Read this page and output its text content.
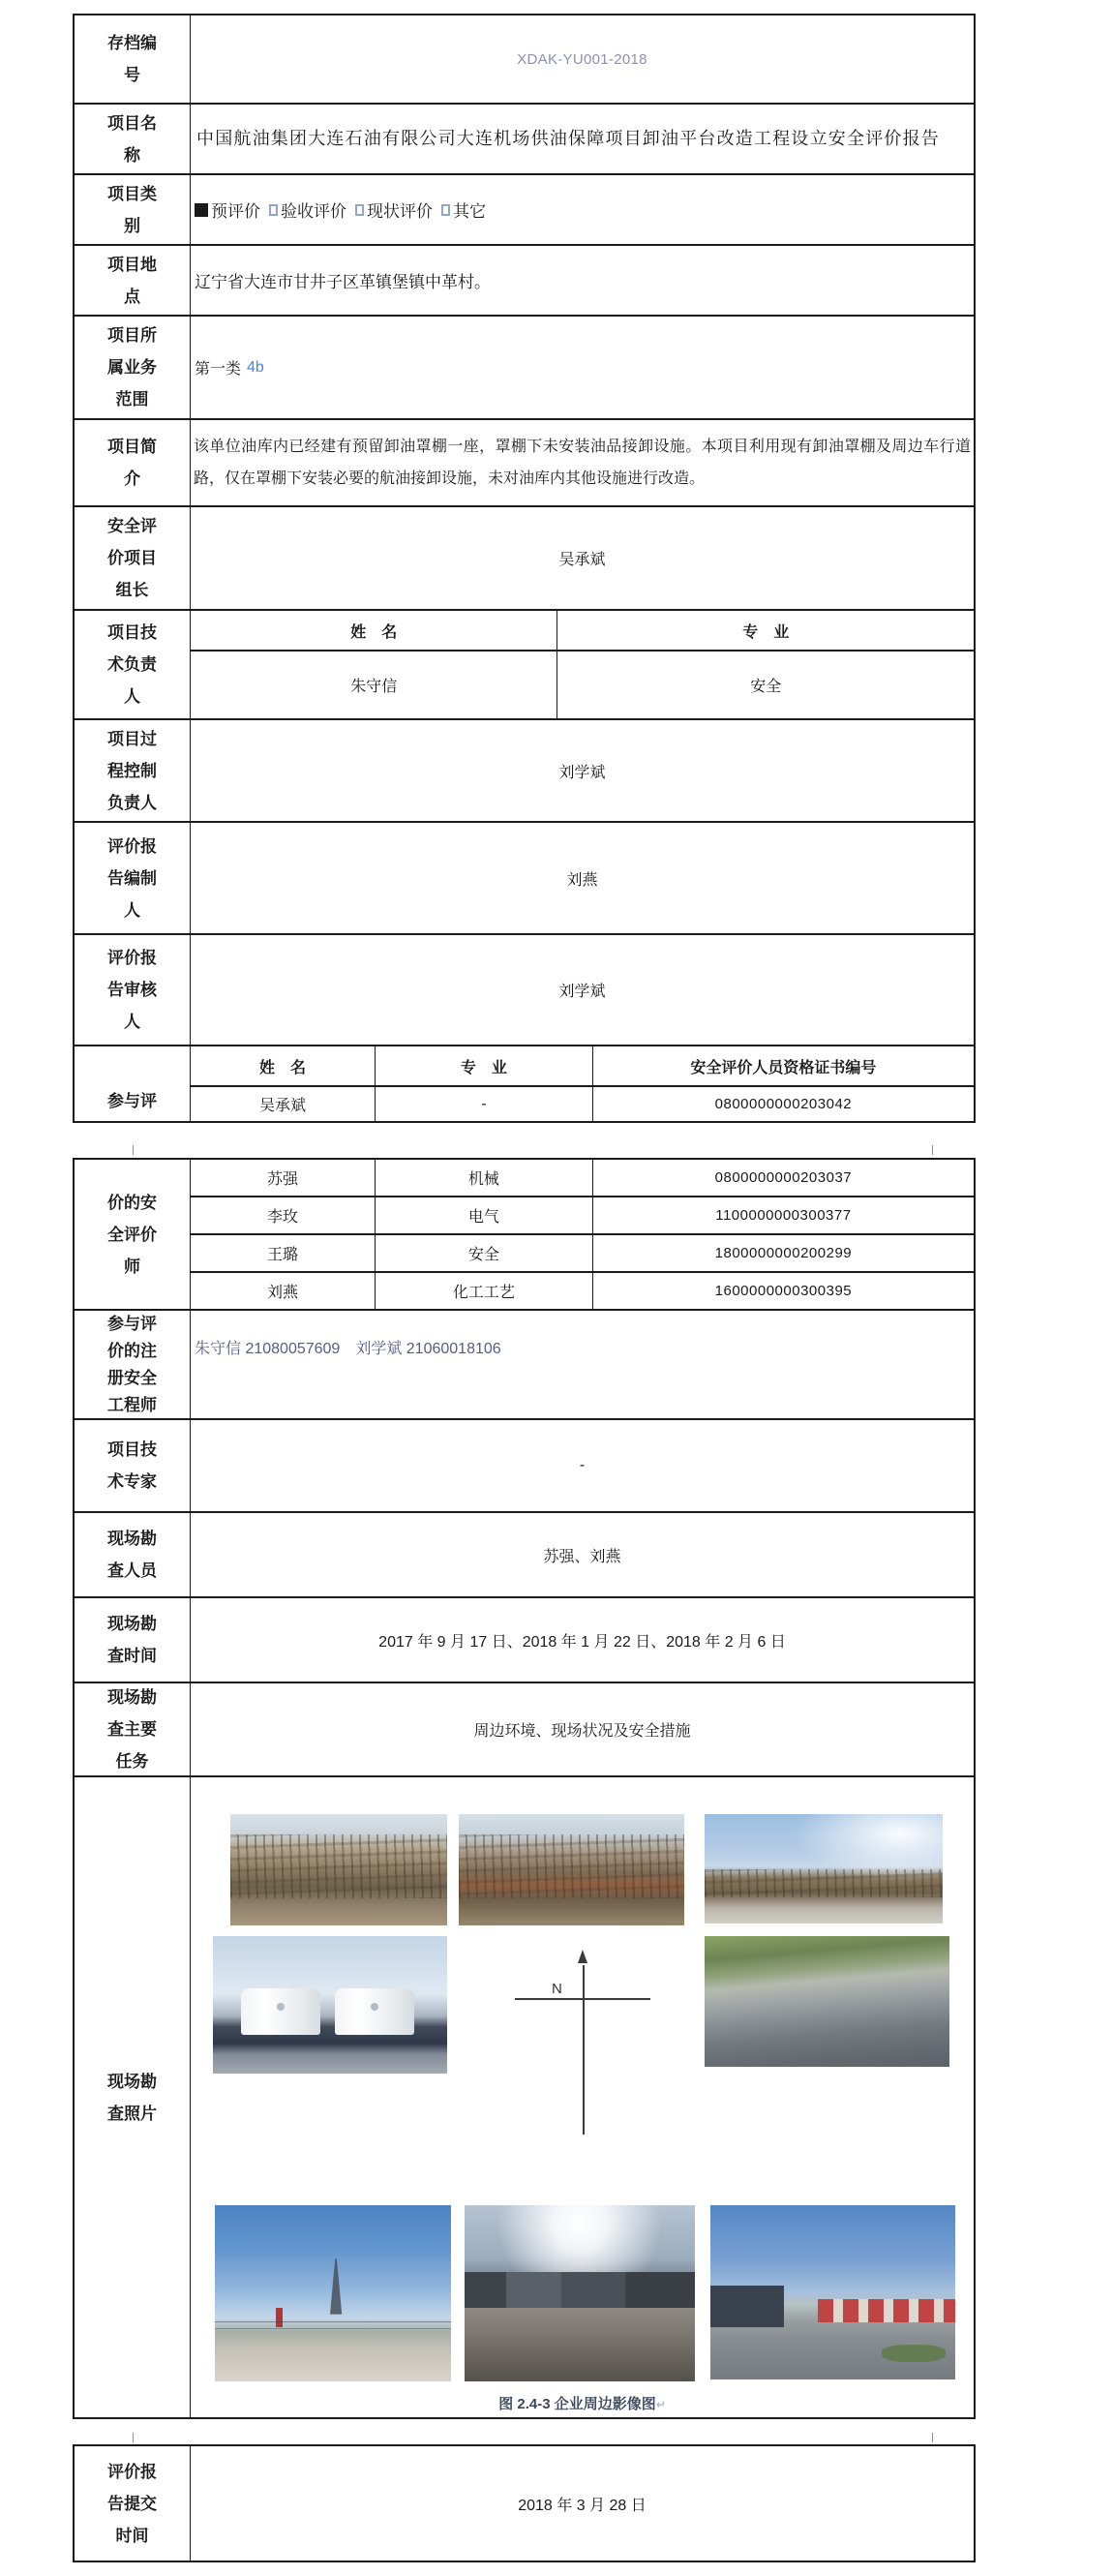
存档编号
XDAK-YU001-2018
项目名称
中国航油集团大连石油有限公司大连机场供油保障项目卸油平台改造工程设立安全评价报告
项目类别
预评价 验收评价 现状评价 其它
项目地点
辽宁省大连市甘井子区革镇堡镇中革村。
项目所属业务范围
第一类 4b
项目简介
该单位油库内已经建有预留卸油罩棚一座，罩棚下未安装油品接卸设施。本项目利用现有卸油罩棚及周边车行道路，仅在罩棚下安装必要的航油接卸设施，未对油库内其他设施进行改造。
安全评价项目组长
吴承斌
项目技术负责人
姓　名	专　业
朱守信	安全
项目过程控制负责人
刘学斌
评价报告编制人
刘燕
评价报告审核人
刘学斌
参与评
姓　名	专　业	安全评价人员资格证书编号
吴承斌	-	0800000000203042
价的安全评价师
苏强	机械	0800000000203037
李玫	电气	1100000000300377
王璐	安全	1800000000200299
刘燕	化工工艺	1600000000300395
参与评价的注册安全工程师
朱守信 21080057609　刘学斌 21060018106
项目技术专家
-
现场勘查人员
苏强、刘燕
现场勘查时间
2017 年 9 月 17 日、2018 年 1 月 22 日、2018 年 2 月 6 日
现场勘查主要任务
周边环境、现场状况及安全措施
现场勘查照片
N
图 2.4-3 企业周边影像图↵
评价报告提交时间
2018 年 3 月 28 日
